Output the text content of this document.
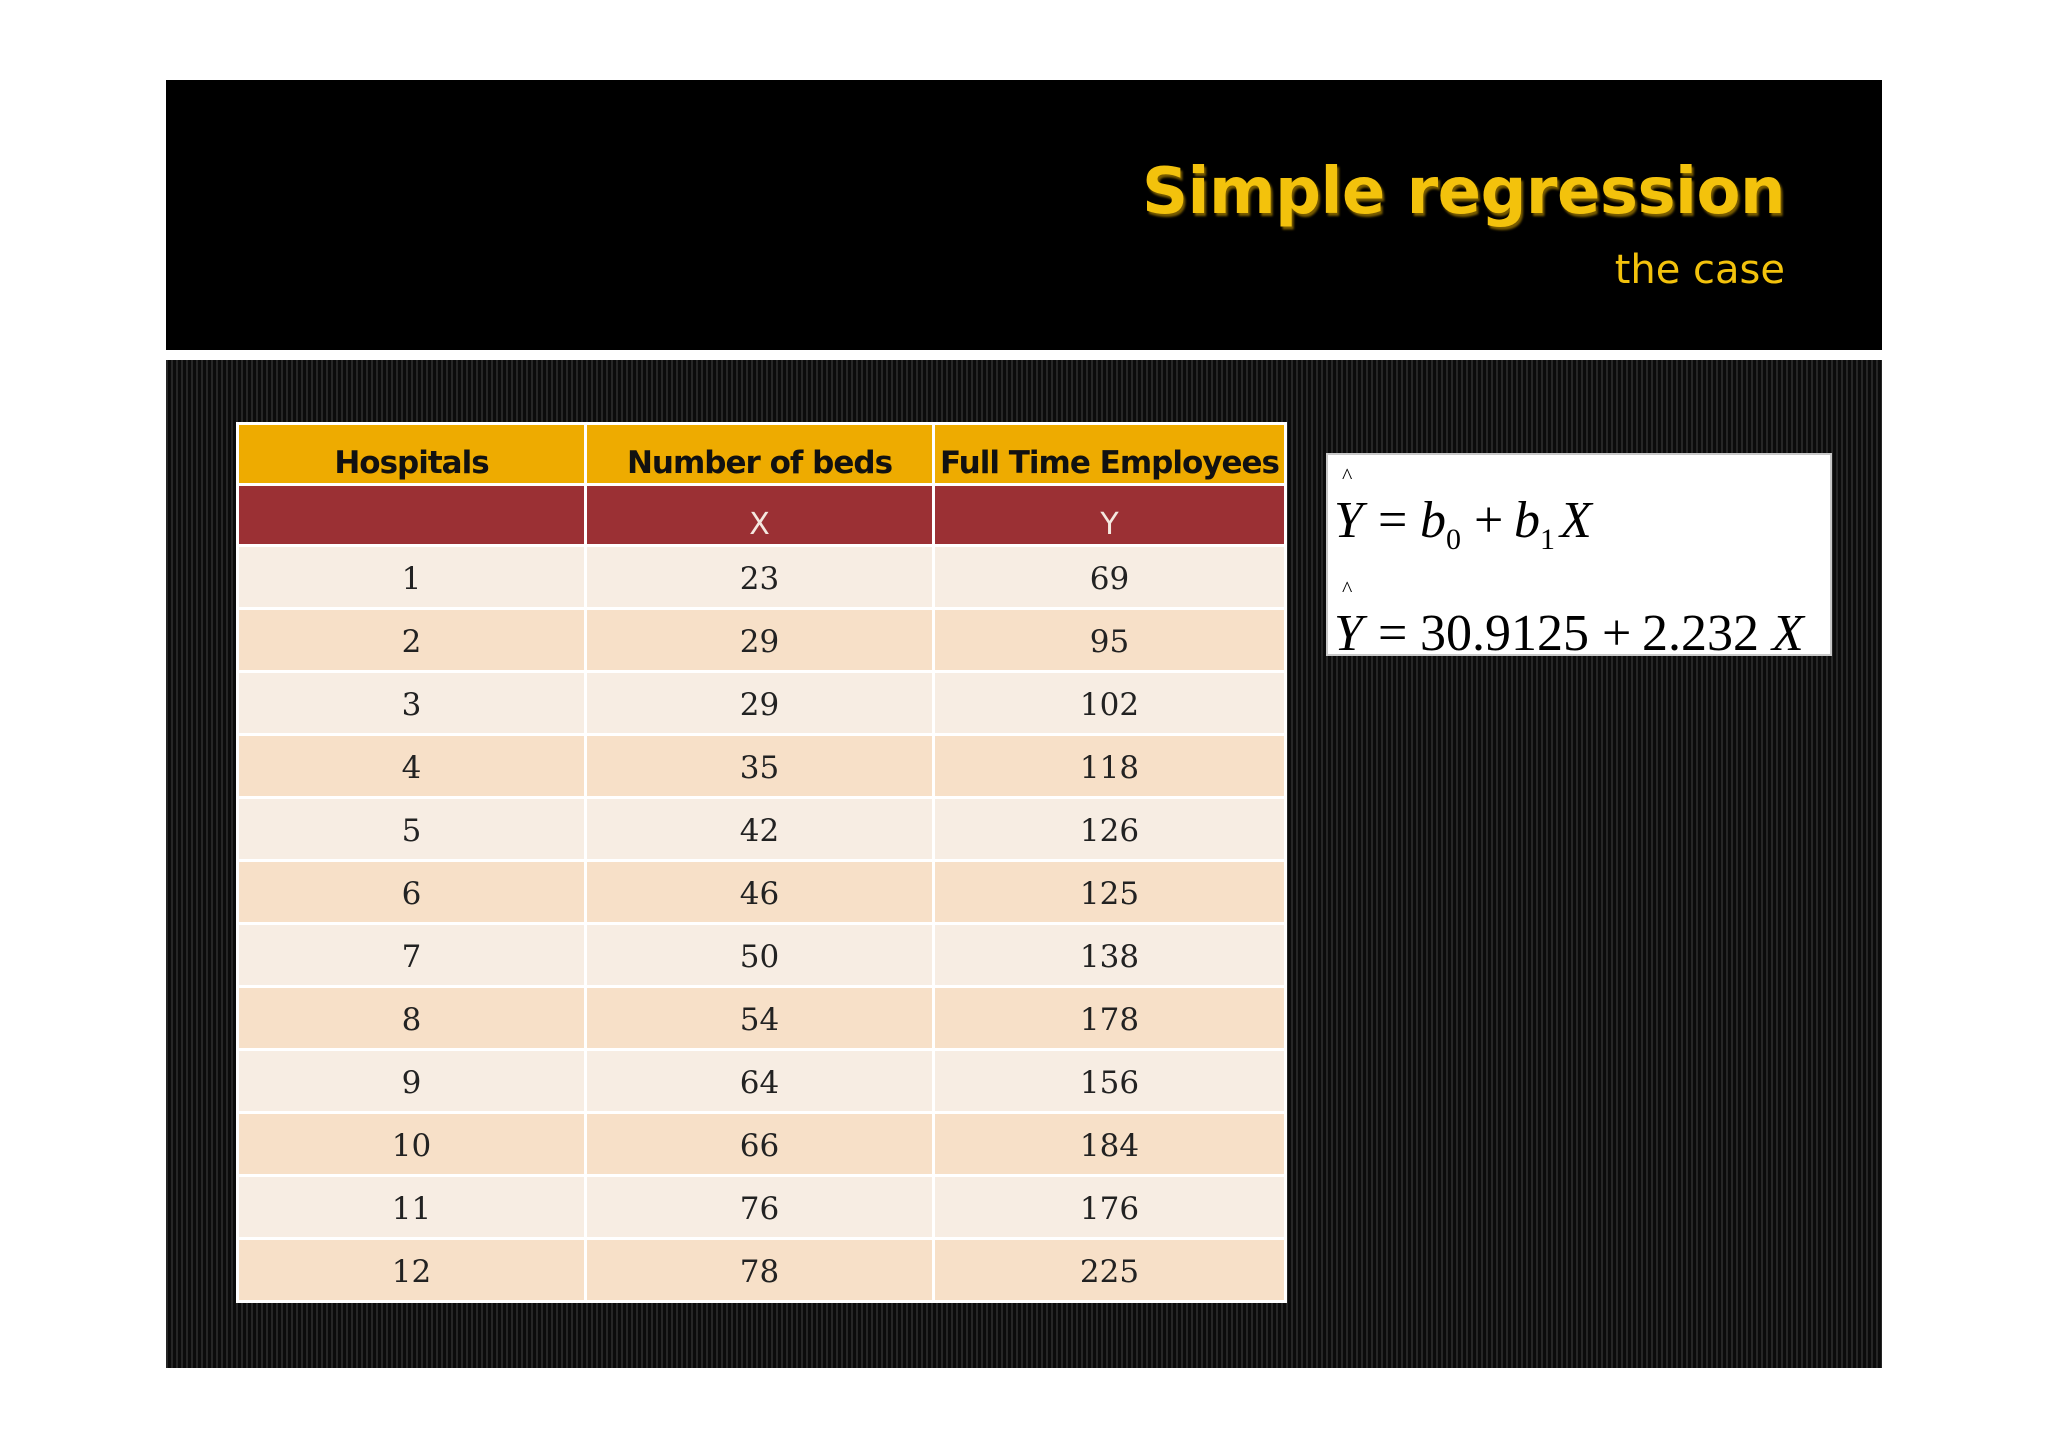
Simple regression
the case
Hospitals	Number of beds	Full Time Employees
	X	Y
1	23	69
2	29	95
3	29	102
4	35	118
5	42	126
6	46	125
7	50	138
8	54	178
9	64	156
10	66	184
11	76	176
12	78	225
^
Y = b 0 + b 1 X
^
Y = 30.9125 + 2.232 X
